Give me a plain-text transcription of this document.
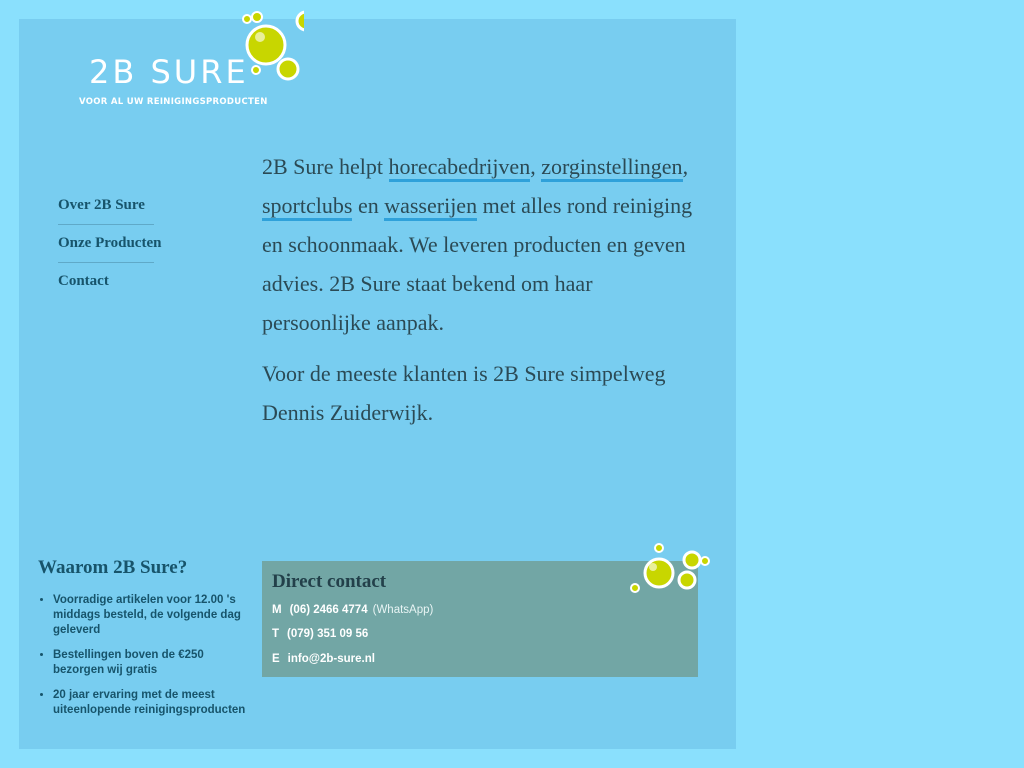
2B SURE
VOOR AL UW REINIGINGSPRODUCTEN
Over 2B Sure
Onze Producten
Contact

2B Sure helpt horecabedrijven, zorginstellingen, sportclubs en wasserijen met alles rond reiniging en schoonmaak. We leveren producten en geven advies. 2B Sure staat bekend om haar persoonlijke aanpak.

Voor de meeste klanten is 2B Sure simpelweg Dennis Zuiderwijk.

Waarom 2B Sure?
• Voorradige artikelen voor 12.00 's middags besteld, de volgende dag geleverd
• Bestellingen boven de €250 bezorgen wij gratis
• 20 jaar ervaring met de meest uiteenlopende reinigingsproducten
Direct contact
M (06) 2466 4774 (WhatsApp)
T (079) 351 09 56
E info@2b-sure.nl
